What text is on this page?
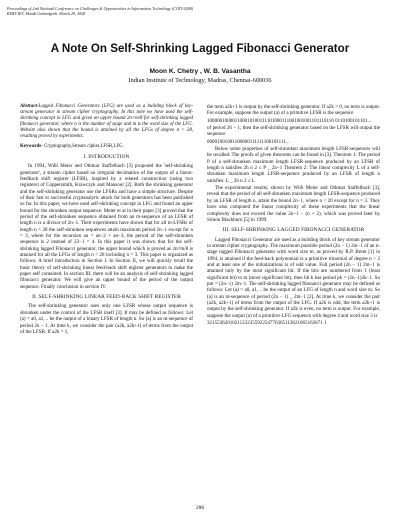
Proceedings of 2nd National Conference on Challenges & Opportunities in Information Technology (COIT-2008)
RIMT-IET, Mandi Gobindgarh. March 29, 2008
A Note On Self-Shrinking Lagged Fibonacci Generator
Moon K. Chetry , W. B. Vasantha
Indian Institute of Technology, Madras, Chennai-600036

Abstract-Lagged Fibonacci Generators (LFG) are used as a building block of key-stream generator in stream cipher cryptography. In this note we have used the self-shrinking concept in LFG and given an upper bound 2n×m/8 for self-shrinking lagged fibonacci generator, where n is the number of stage and m is the word size of the LFG. Website also shown that the bound is attained by all the LFGs of degree n < 28, resulting proved by experiments.

Keywords- Cryptography,Stream cipher,LFSR,LFG.

I. INTRODUCTION

In 1994, Willi Meier and Othmar Staffelbach [3] proposed the 'self-shrinking generator', a stream cipher based on irregular decimation of the output of a linear-feedback shift register (LFSR), inspired by a related construction (using two registers) of Coppersmith, Krawczyk and Mansour [2]. Both the shrinking generator and the self-shrinking generator use the LFSRs and have a simple structure. Despite of their fast or successful cryptanalytic attack for both generators has been published so far. In this paper, we have used self-shrinking concept in LFG and found an upper bound for the shrunken output sequence. Meier et al in their paper [3] proved that the period of the self-shrunken sequence obtained from an m-sequence of an LFSR of length n is a divisor of 2n−1. Their experiments have shown that for all m-LFSRs of length n < 28 the self-shrunken sequences attain maximum period 2n−1 except for n = 3, where for the recursion an = an−2 + an−3, the period of the self-shrunken sequence is 2 instead of 23−1 = 4. In this paper it was shown that for the self-shrinking lagged Fibonacci generator, the upper bound which is proved as 2n×m/8 is attained for all the LFGs of length n < 28 including n = 3. This paper is organized as follows: A brief introduction in Section I. In Section II, we will quickly recall the basic theory of self-shrinking linear feed-back shift register generators to make the paper self contained. In section III, there will be an analysis of self-shrinking lagged fibonacci generator. We will give an upper bound of the period of the output sequence. Finally conclusion in section IV.

II. SELF-SHRINKING LINEAR FEED-BACK SHIFT REGISTER

The self-shrinking generator uses only one LFSR whose output sequence is shrunken under the control of the LFSR itself [3]. It may be defined as follows: Let (a) = a0, a1, .. be the output of a binary LFSR of length n. So (a) is an m-sequence of period 2n − 1. At time k, we consider the pair (a2k, a2k+1) of terms from the output of the LFSR. If a2k = 1,

the term a2k+1 is output by the self-shrinking generator. If a2k = 0, no term is output. For example, suppose the output (a) of a primitive LFSR is the sequence

100000100001100010100111101000111001001001101110110 0110100101101...

of period 26 − 1, then the self-shrinking generator based on the LFSR will output the sequence

00001001001100000111111100101111...

Below some properties of self-shrunken maximum length LFSR-sequences will be recalled. The proofs of given theorems can be found in [3]. Theorem 1: The period P of a self-shrunken maximum length LFSR-sequence produced by an LFSR of length n satisfies 2h n 2 ≤ P _ 2n−1 Theorem 2: The linear complexity L of a self-shrunken maximum length LFSR-sequence produced by an LFSR of length n satisfies: L _ 2h n 2 ≤ L

The experimental results, shown by Willi Meier and Othmar Staffelbach [3], reveal that the period of all self-shrunken maximum length LFSR-sequence produced by an LFSR of length n, attain the bound 2n−1, where n < 20 except for n = 3. They have also computed the linear complexity of these experiments that the linear complexity does not exceed the value 2n−1 − (n + 2), which was proved later by Simon Blackburn [5] in 1999.

III. SELF-SHRINKING LAGGED FIBONACCI GENERATOR

Lagged Fibonacci Generator are used as a building block of key stream generator in stream cipher cryptography. The maximum possible period (2n − 1) 2m−1 of an n-stage lagged Fibonacci generator with word size m, as proved by R.P. Brent [1] in 1994, is attained if the feed-back polynomial is a primitive trinomial of degree n > 2 and at least one of the initializations is of odd value. Full period (2n − 1) 2m−1 is attained only by the most significant bit. If the bits are numbered from 1 (least significant bit) to m (most significant bit), then bit k has period pk = (2n−1)2k−1. So pm = (2n−1) 2m−1. The self-shrinking lagged fibonacci generator may be defined as follows: Let (a) = a0, a1, .. be the output of an LFG of length n and word size m. So (a) is an m-sequence of period (2n − 1) _ 2m−1 [2]. At time k, we consider the pair (a2k, a2k+1) of terms from the output of the LFG. If a2k is odd, the term a2k+1 is output by the self-shrinking generator. If a2k is even, no term is output. For example, suppose the output (a) of a primitive LFG sequence with degree 4 and word size 3 is

3215536201021123235592254776365113621065163671 1

286
